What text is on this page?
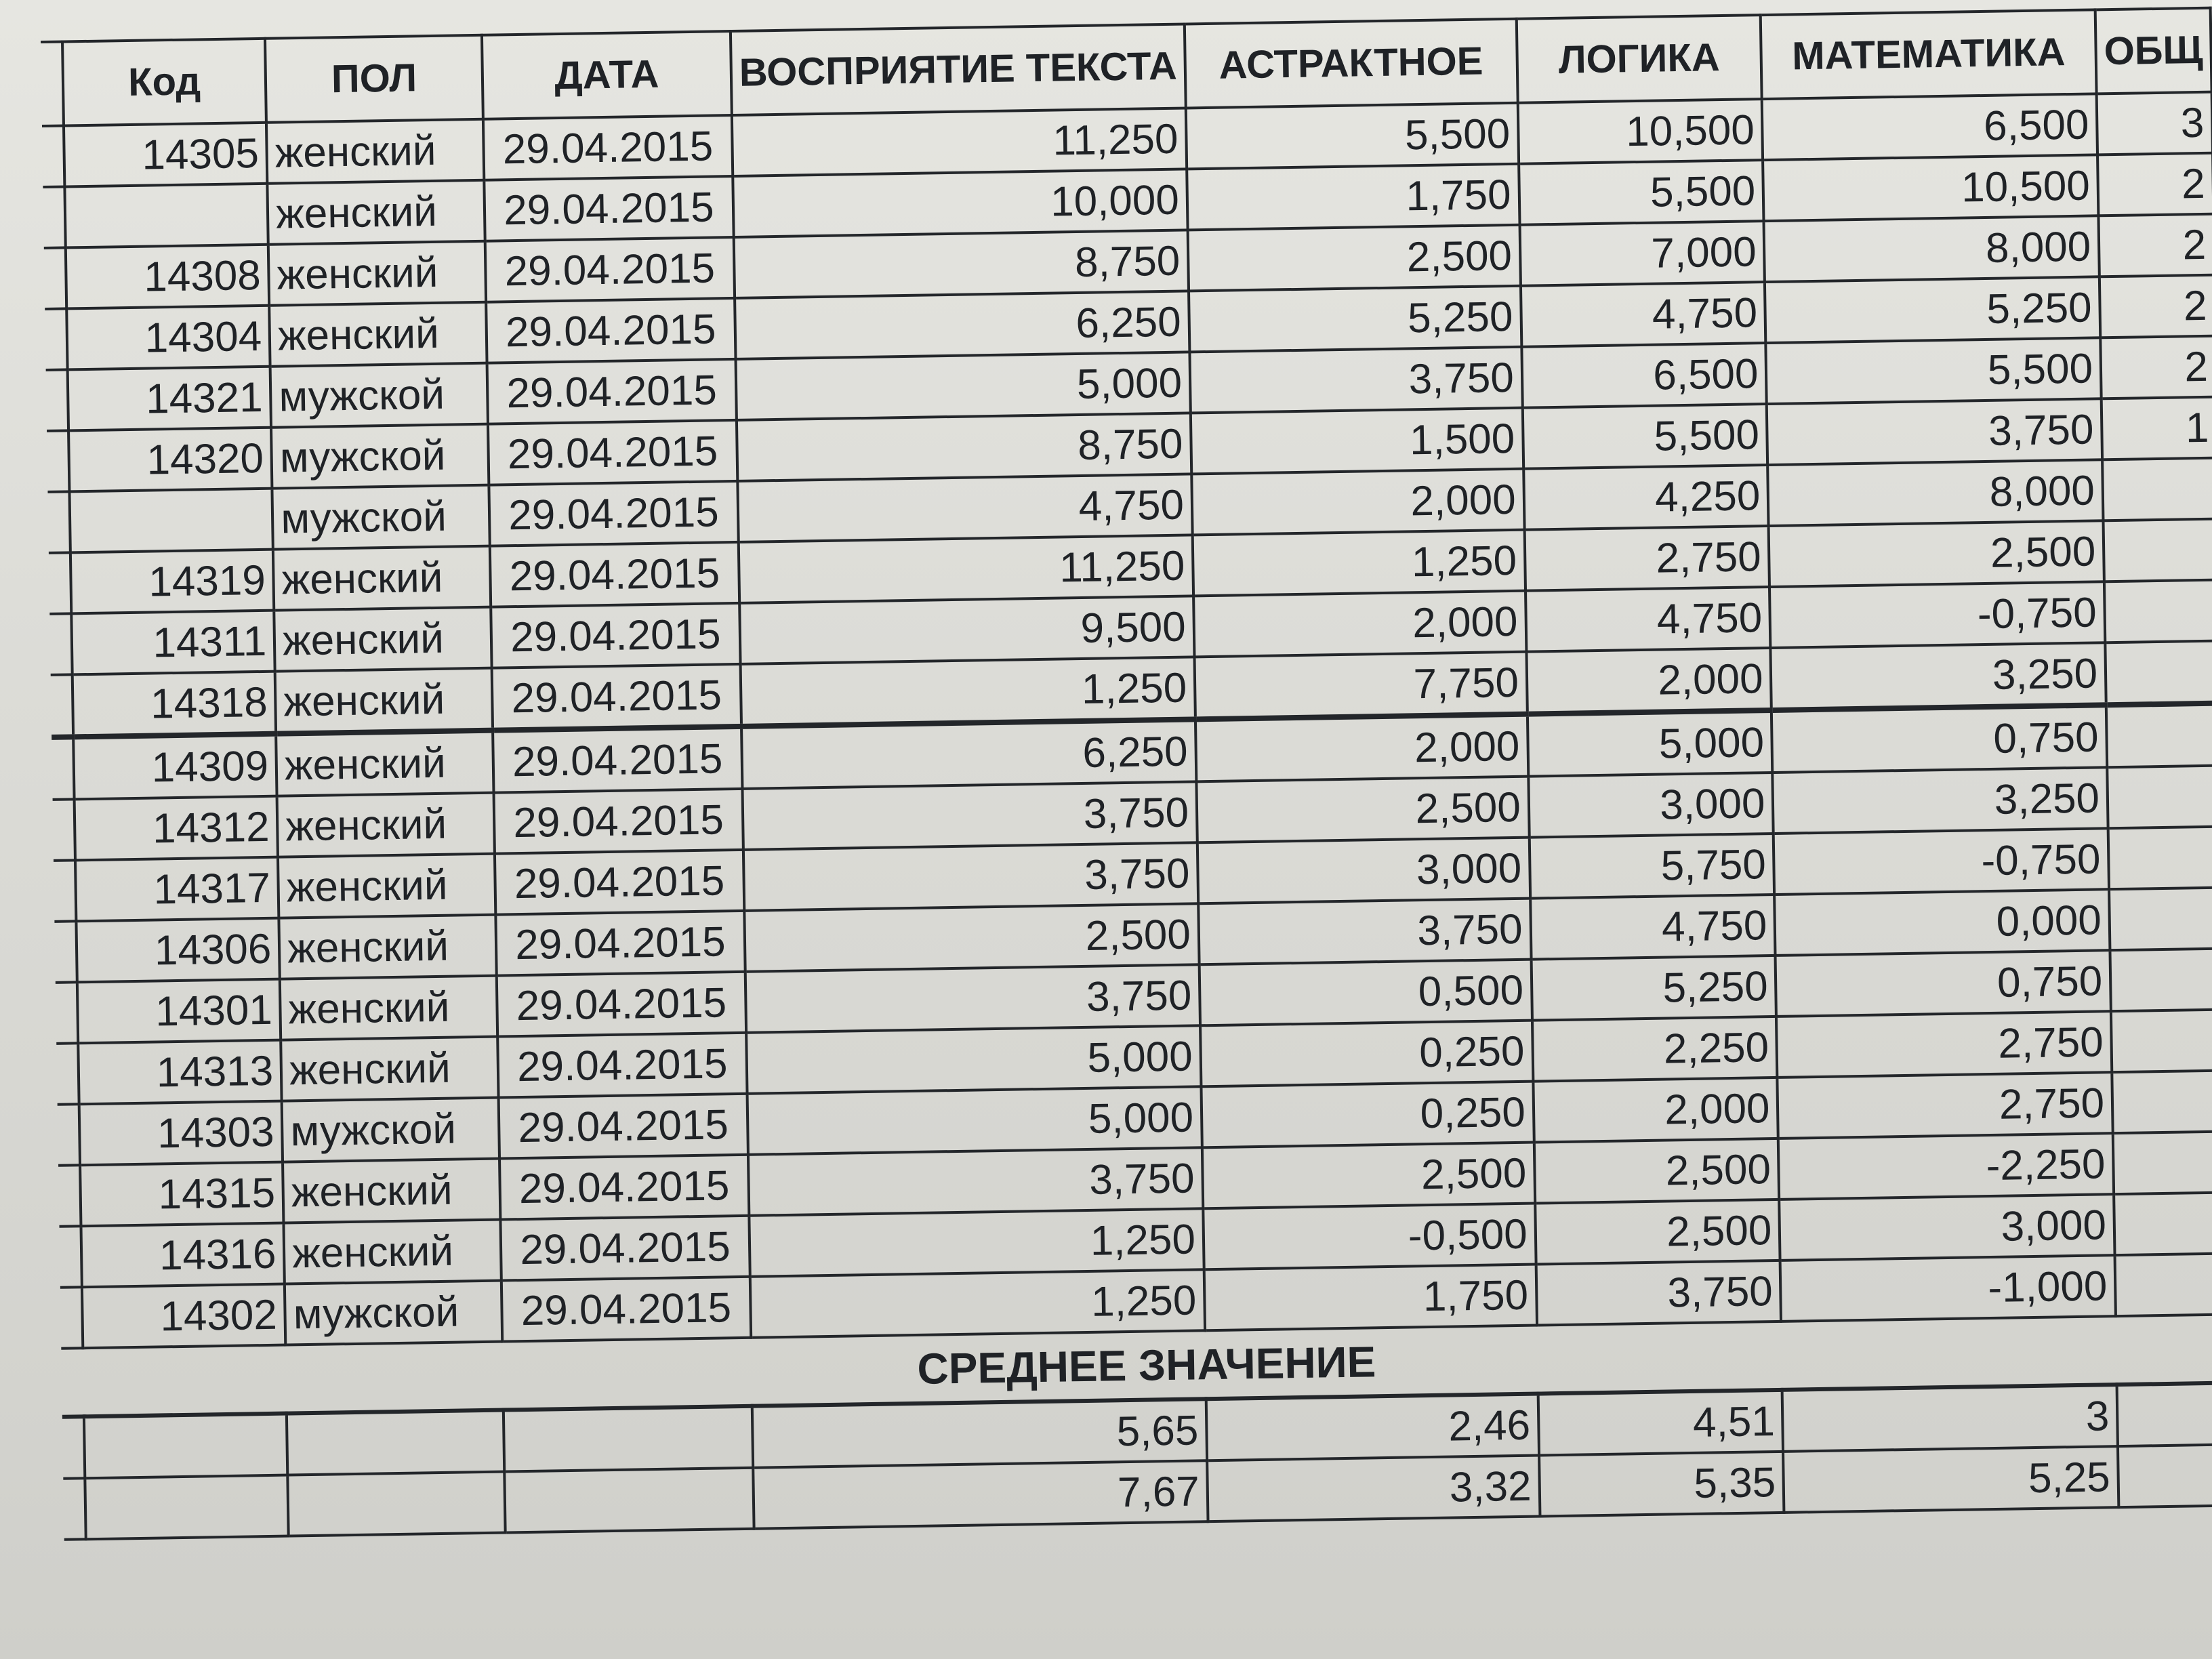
	Код	ПОЛ	ДАТА	ВОСПРИЯТИЕ ТЕКСТА	АСТРАКТНОЕ	ЛОГИКА	МАТЕМАТИКА	ОБЩ
	14305	женский	29.04.2015	11,250	5,500	10,500	6,500	3
		женский	29.04.2015	10,000	1,750	5,500	10,500	2
	14308	женский	29.04.2015	8,750	2,500	7,000	8,000	2
	14304	женский	29.04.2015	6,250	5,250	4,750	5,250	2
	14321	мужской	29.04.2015	5,000	3,750	6,500	5,500	2
	14320	мужской	29.04.2015	8,750	1,500	5,500	3,750	1
		мужской	29.04.2015	4,750	2,000	4,250	8,000	
	14319	женский	29.04.2015	11,250	1,250	2,750	2,500	
	14311	женский	29.04.2015	9,500	2,000	4,750	-0,750	
	14318	женский	29.04.2015	1,250	7,750	2,000	3,250	
	14309	женский	29.04.2015	6,250	2,000	5,000	0,750	
	14312	женский	29.04.2015	3,750	2,500	3,000	3,250	
	14317	женский	29.04.2015	3,750	3,000	5,750	-0,750	
	14306	женский	29.04.2015	2,500	3,750	4,750	0,000	
	14301	женский	29.04.2015	3,750	0,500	5,250	0,750	
	14313	женский	29.04.2015	5,000	0,250	2,250	2,750	
	14303	мужской	29.04.2015	5,000	0,250	2,000	2,750	
	14315	женский	29.04.2015	3,750	2,500	2,500	-2,250	
	14316	женский	29.04.2015	1,250	-0,500	2,500	3,000	
	14302	мужской	29.04.2015	1,250	1,750	3,750	-1,000	
СРЕДНЕЕ ЗНАЧЕНИЕ								
				5,65	2,46	4,51	3	
				7,67	3,32	5,35	5,25	
